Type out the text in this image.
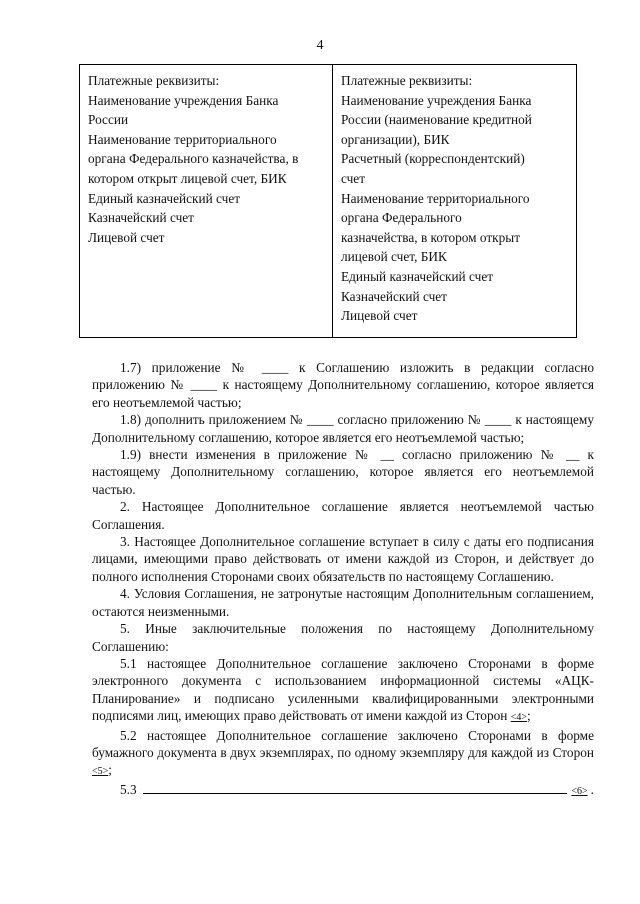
4
Платежные реквизиты:
Наименование учреждения Банка
России
Наименование территориального
органа Федерального казначейства, в
котором открыт лицевой счет, БИК
Единый казначейский счет
Казначейский счет
Лицевой счет
Платежные реквизиты:
Наименование учреждения Банка
России (наименование кредитной
организации), БИК
Расчетный (корреспондентский)
счет
Наименование территориального
органа Федерального
казначейства, в котором открыт
лицевой счет, БИК
Единый казначейский счет
Казначейский счет
Лицевой счет

1.7) приложение № ____ к Соглашению изложить в редакции согласно приложению № ____ к настоящему Дополнительному соглашению, которое является его неотъемлемой частью;

1.8) дополнить приложением № ____ согласно приложению № ____ к настоящему Дополнительному соглашению, которое является его неотъемлемой частью;

1.9) внести изменения в приложение № __ согласно приложению № __ к настоящему Дополнительному соглашению, которое является его неотъемлемой частью.

2. Настоящее Дополнительное соглашение является неотъемлемой частью Соглашения.

3. Настоящее Дополнительное соглашение вступает в силу с даты его подписания лицами, имеющими право действовать от имени каждой из Сторон, и действует до полного исполнения Сторонами своих обязательств по настоящему Соглашению.

4. Условия Соглашения, не затронутые настоящим Дополнительным соглашением, остаются неизменными.

5. Иные заключительные положения по настоящему Дополнительному Соглашению:

5.1 настоящее Дополнительное соглашение заключено Сторонами в форме электронного документа с использованием информационной системы «АЦК-Планирование» и подписано усиленными квалифицированными электронными подписями лиц, имеющих право действовать от имени каждой из Сторон <4>;

5.2 настоящее Дополнительное соглашение заключено Сторонами в форме бумажного документа в двух экземплярах, по одному экземпляру для каждой из Сторон <5>;

5.3	<6> .
